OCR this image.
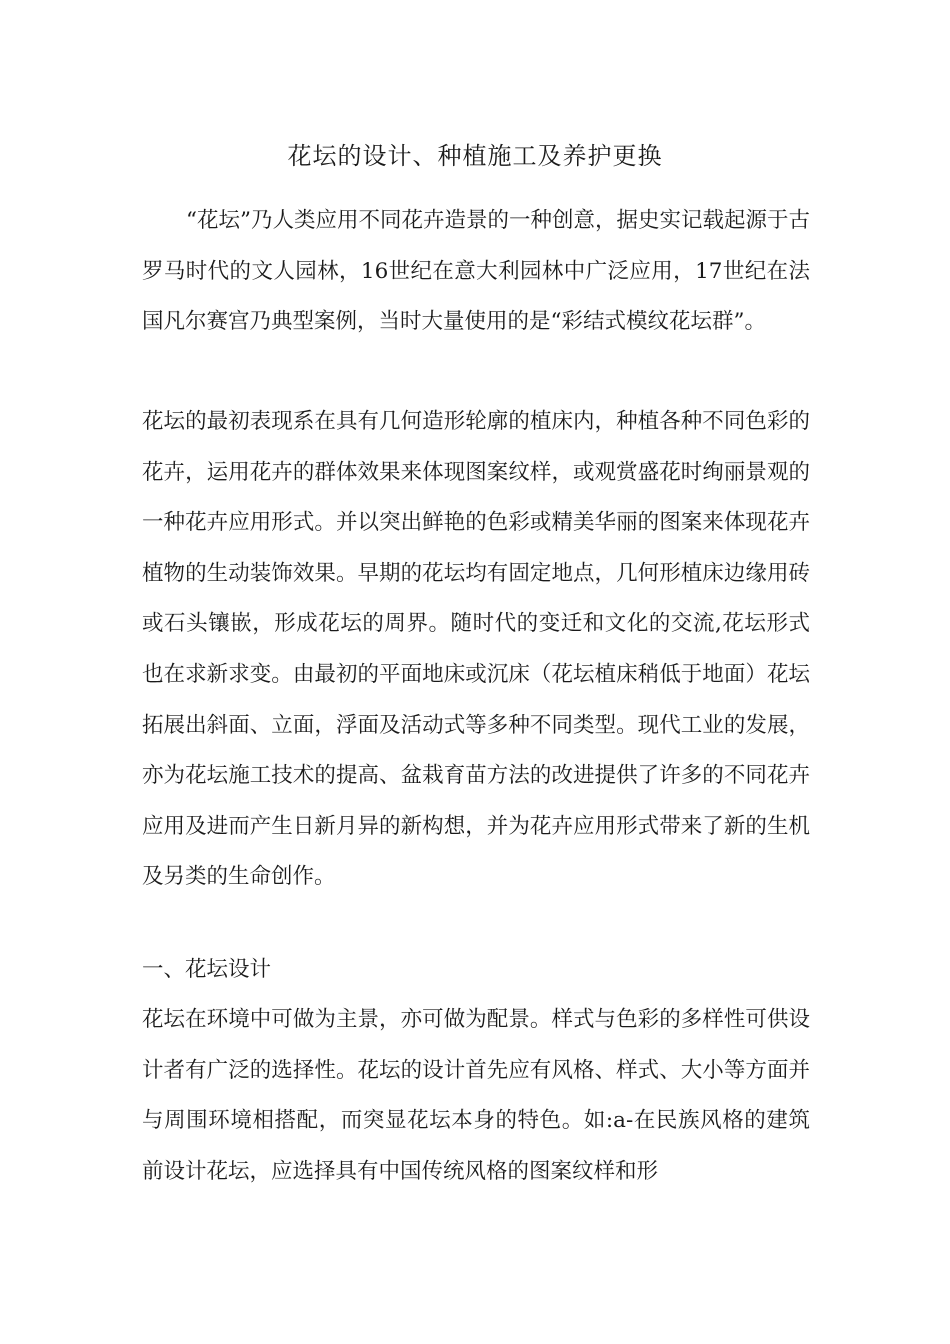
花坛的设计、种植施工及养护更换

“花坛”乃人类应用不同花卉造景的一种创意，据史实记载起源于古罗马时代的文人园林，16世纪在意大利园林中广泛应用，17世纪在法国凡尔赛宫乃典型案例，当时大量使用的是“彩结式模纹花坛群”。

花坛的最初表现系在具有几何造形轮廓的植床内，种植各种不同色彩的花卉，运用花卉的群体效果来体现图案纹样，或观赏盛花时绚丽景观的一种花卉应用形式。并以突出鲜艳的色彩或精美华丽的图案来体现花卉植物的生动装饰效果。早期的花坛均有固定地点，几何形植床边缘用砖或石头镶嵌，形成花坛的周界。随时代的变迁和文化的交流,花坛形式也在求新求变。由最初的平面地床或沉床（花坛植床稍低于地面）花坛拓展出斜面、立面，浮面及活动式等多种不同类型。现代工业的发展，亦为花坛施工技术的提高、盆栽育苗方法的改进提供了许多的不同花卉应用及进而产生日新月异的新构想，并为花卉应用形式带来了新的生机及另类的生命创作。

一、花坛设计

花坛在环境中可做为主景，亦可做为配景。样式与色彩的多样性可供设计者有广泛的选择性。花坛的设计首先应有风格、样式、大小等方面并与周围环境相搭配，而突显花坛本身的特色。如:a-在民族风格的建筑前设计花坛，应选择具有中国传统风格的图案纹样和形
